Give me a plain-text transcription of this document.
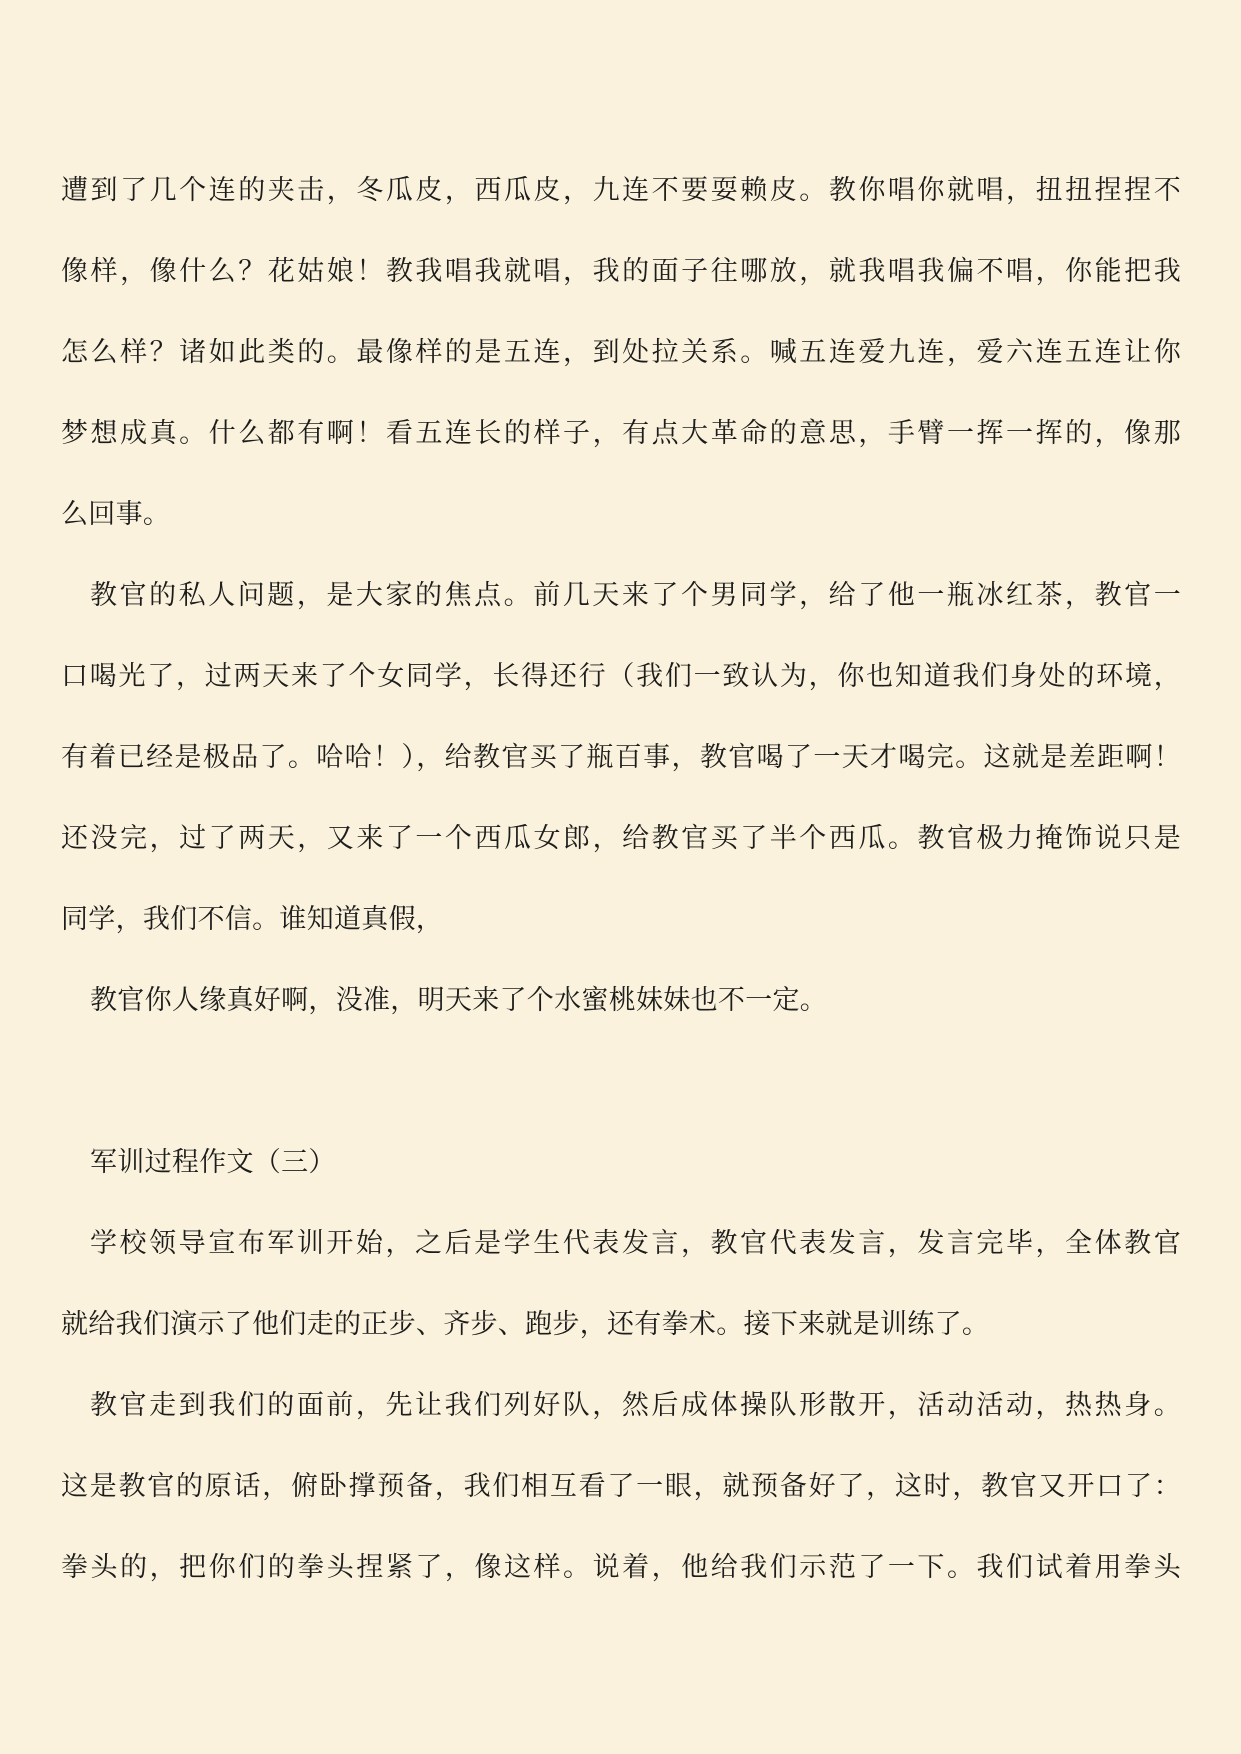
遭到了几个连的夹击，冬瓜皮，西瓜皮，九连不要耍赖皮。教你唱你就唱，扭扭捏捏不
像样，像什么？花姑娘！教我唱我就唱，我的面子往哪放，就我唱我偏不唱，你能把我
怎么样？诸如此类的。最像样的是五连，到处拉关系。喊五连爱九连，爱六连五连让你
梦想成真。什么都有啊！看五连长的样子，有点大革命的意思，手臂一挥一挥的，像那
么回事。
教官的私人问题，是大家的焦点。前几天来了个男同学，给了他一瓶冰红茶，教官一
口喝光了，过两天来了个女同学，长得还行（我们一致认为，你也知道我们身处的环境，
有着已经是极品了。哈哈！），给教官买了瓶百事，教官喝了一天才喝完。这就是差距啊！
还没完，过了两天，又来了一个西瓜女郎，给教官买了半个西瓜。教官极力掩饰说只是
同学，我们不信。谁知道真假，
教官你人缘真好啊，没准，明天来了个水蜜桃妹妹也不一定。
军训过程作文（三）
学校领导宣布军训开始，之后是学生代表发言，教官代表发言，发言完毕，全体教官
就给我们演示了他们走的正步、齐步、跑步，还有拳术。接下来就是训练了。
教官走到我们的面前，先让我们列好队，然后成体操队形散开，活动活动，热热身。
这是教官的原话，俯卧撑预备，我们相互看了一眼，就预备好了，这时，教官又开口了：
拳头的，把你们的拳头捏紧了，像这样。说着，他给我们示范了一下。我们试着用拳头
